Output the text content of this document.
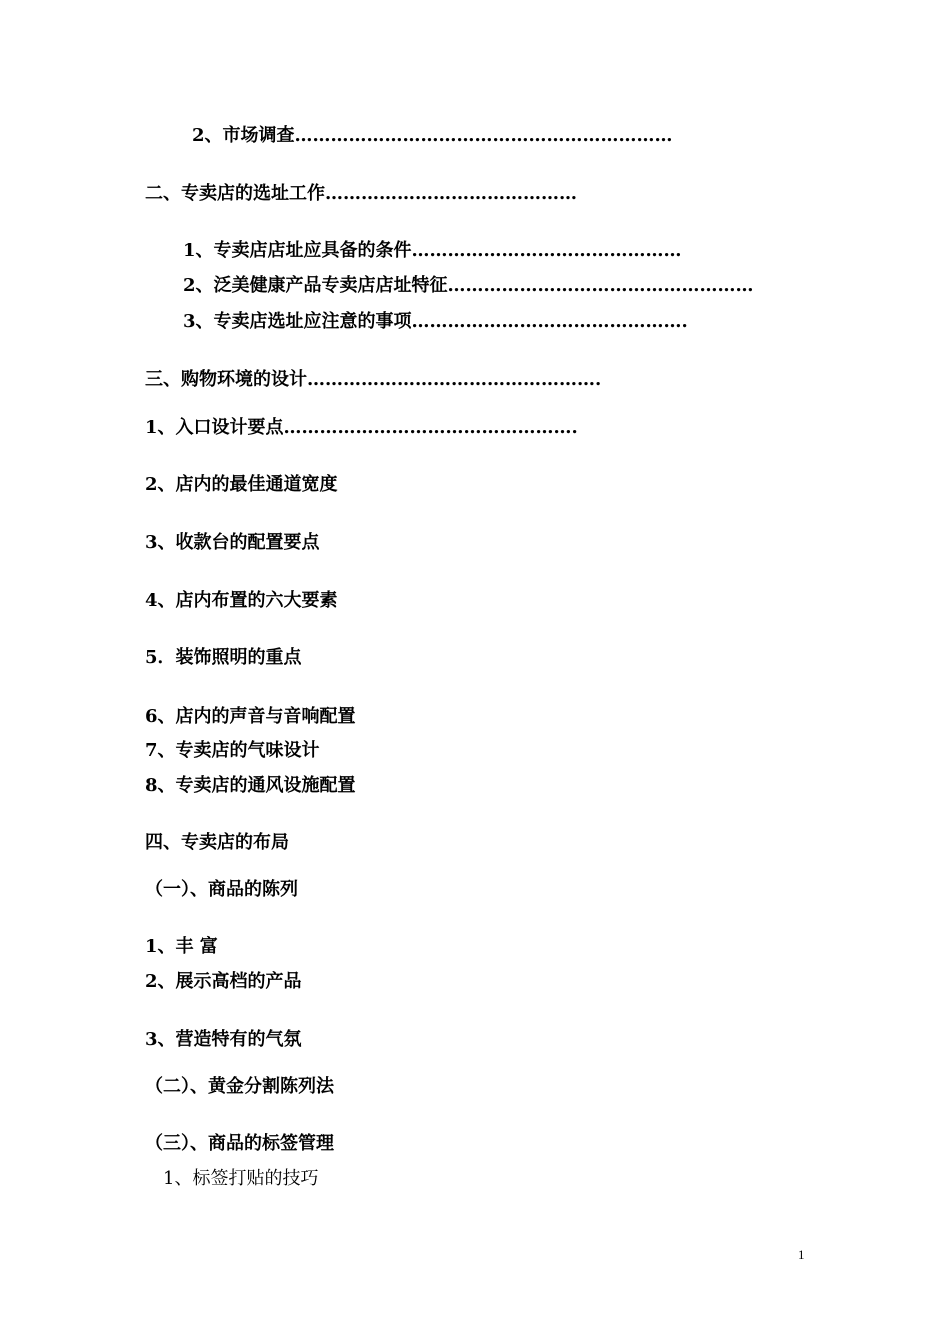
2、市场调查………………………………………………………
二、专卖店的选址工作……………………………………
1、专卖店店址应具备的条件………………………………………
2、泛美健康产品专卖店店址特征……………………………………………
3、专卖店选址应注意的事项……………………………………….
三、购物环境的设计………………………………………….
1、入口设计要点………………………………………….
2、店内的最佳通道宽度
3、收款台的配置要点
4、店内布置的六大要素
5．装饰照明的重点
6、店内的声音与音响配置
7、专卖店的气味设计
8、专卖店的通风设施配置
四、专卖店的布局
（一）、商品的陈列
1、丰 富
2、展示高档的产品
3、营造特有的气氛
（二）、黄金分割陈列法
（三）、商品的标签管理
1、标签打贴的技巧
1
